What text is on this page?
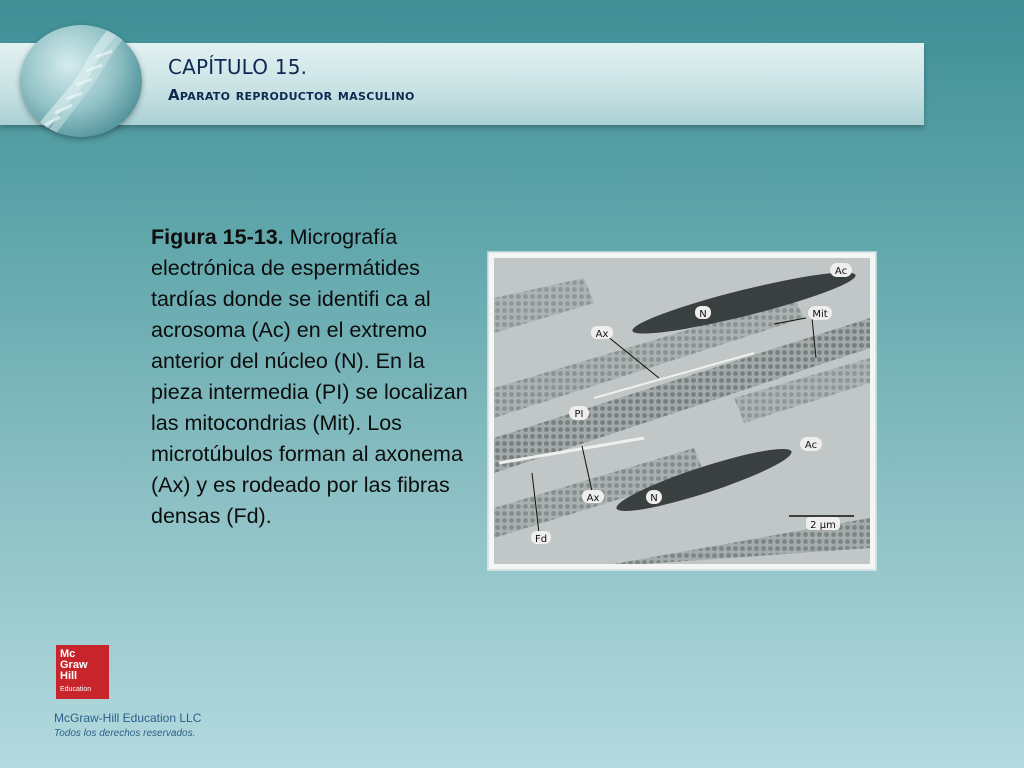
CAPÍTULO 15.
Aparato reproductor masculino

Figura 15-13. Micrografía electrónica de espermátides tardías donde se identifi ca al acrosoma (Ac) en el extremo anterior del núcleo (N). En la pieza intermedia (PI) se localizan las mitocondrias (Mit). Los microtúbulos forman al axonema (Ax) y es rodeado por las fibras densas (Fd).

Ac
N	Mit
Ax
PI
Ac
Ax	N
Fd
2 µm
Mc
Graw
Hill
Education

McGraw-Hill Education LLC

Todos los derechos reservados.
